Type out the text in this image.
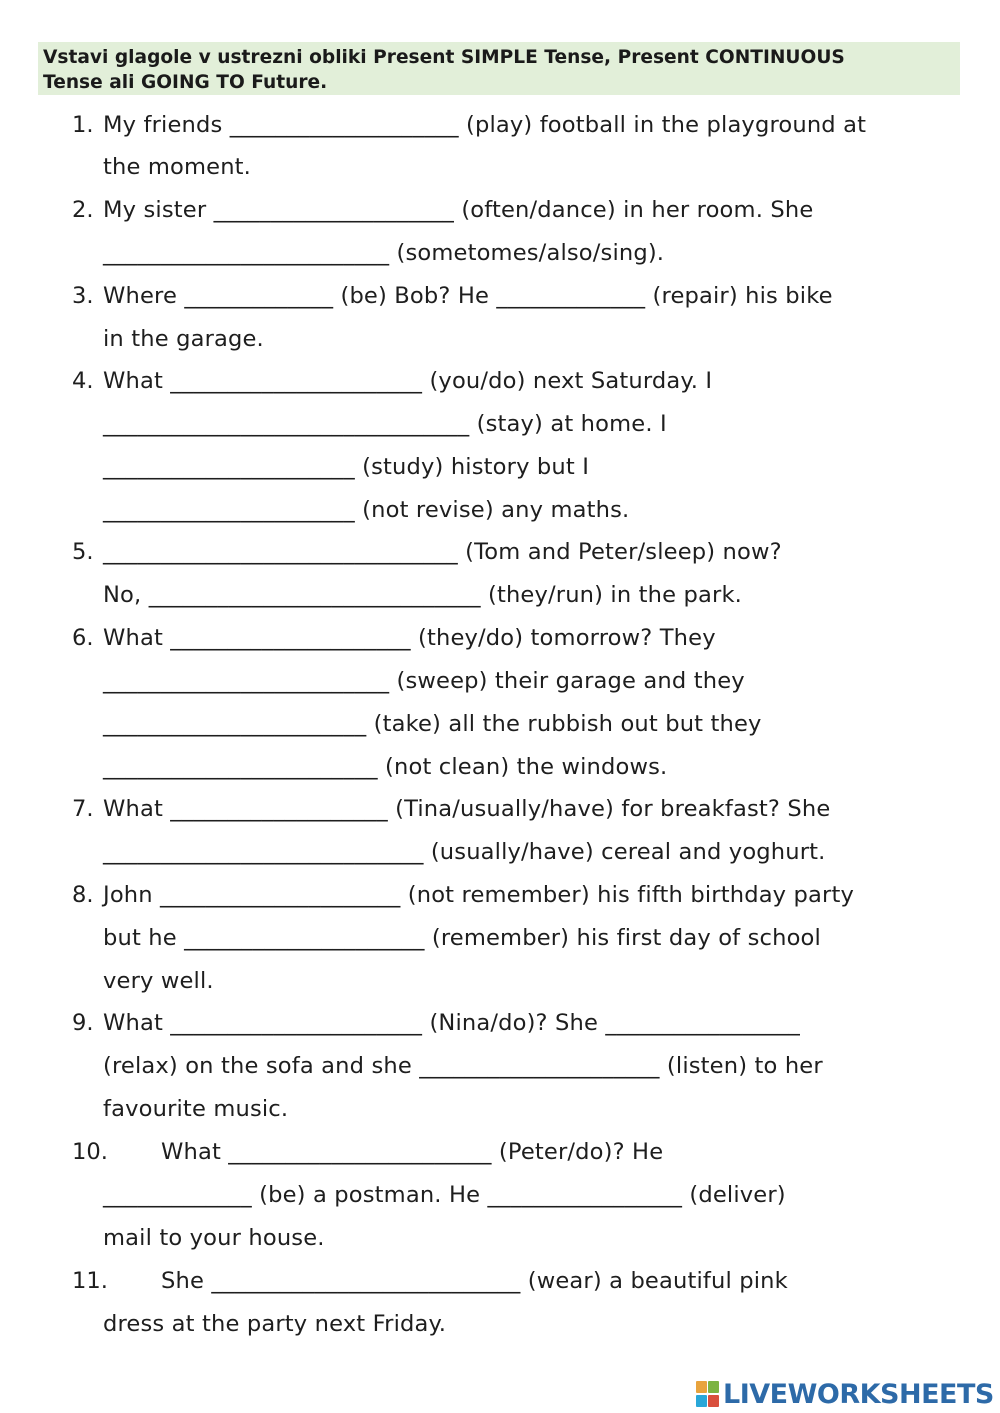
Vstavi glagole v ustrezni obliki Present SIMPLE Tense, Present CONTINUOUS
Tense ali GOING TO Future.
1. My friends ____________________ (play) football in the playground at
the moment.
2. My sister _____________________ (often/dance) in her room. She
_________________________ (sometomes/also/sing).
3. Where _____________ (be) Bob? He _____________ (repair) his bike
in the garage.
4. What ______________________ (you/do) next Saturday. I
________________________________ (stay) at home. I
______________________ (study) history but I
______________________ (not revise) any maths.
5. _______________________________ (Tom and Peter/sleep) now?
No, _____________________________ (they/run) in the park.
6. What _____________________ (they/do) tomorrow? They
_________________________ (sweep) their garage and they
_______________________ (take) all the rubbish out but they
________________________ (not clean) the windows.
7. What ___________________ (Tina/usually/have) for breakfast? She
____________________________ (usually/have) cereal and yoghurt.
8. John _____________________ (not remember) his fifth birthday party
but he _____________________ (remember) his first day of school
very well.
9. What ______________________ (Nina/do)? She _________________
(relax) on the sofa and she _____________________ (listen) to her
favourite music.
10. What _______________________ (Peter/do)? He
_____________ (be) a postman. He _________________ (deliver)
mail to your house.
11. She ___________________________ (wear) a beautiful pink
dress at the party next Friday.
LIVEWORKSHEETS
